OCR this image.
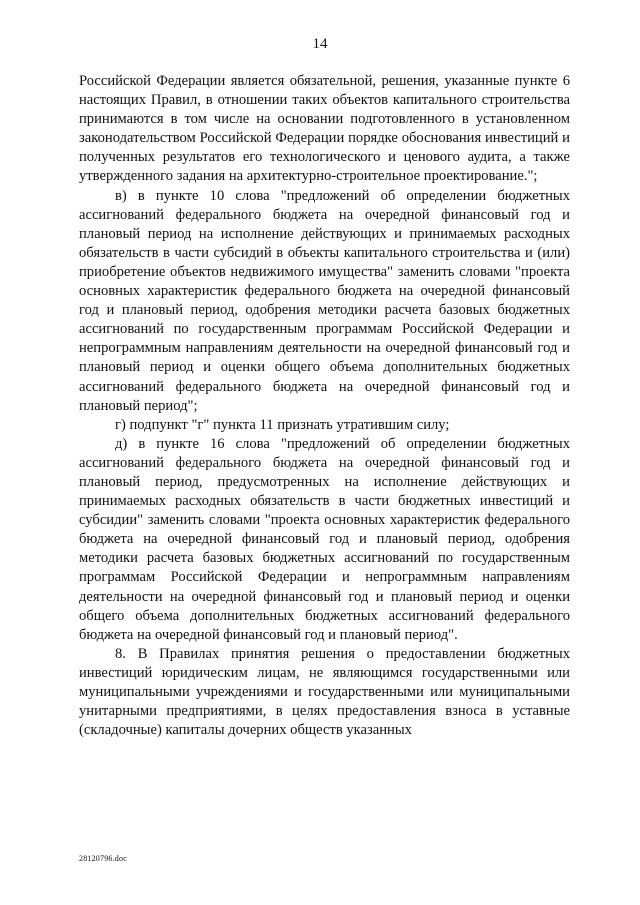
14

Российской Федерации является обязательной, решения, указанные пункте 6 настоящих Правил, в отношении таких объектов капитального строительства принимаются в том числе на основании подготовленного в установленном законодательством Российской Федерации порядке обоснования инвестиций и полученных результатов его технологического и ценового аудита, а также утвержденного задания на архитектурно-строительное проектирование.";

в) в пункте 10 слова "предложений об определении бюджетных ассигнований федерального бюджета на очередной финансовый год и плановый период на исполнение действующих и принимаемых расходных обязательств в части субсидий в объекты капитального строительства и (или) приобретение объектов недвижимого имущества" заменить словами "проекта основных характеристик федерального бюджета на очередной финансовый год и плановый период, одобрения методики расчета базовых бюджетных ассигнований по государственным программам Российской Федерации и непрограммным направлениям деятельности на очередной финансовый год и плановый период и оценки общего объема дополнительных бюджетных ассигнований федерального бюджета на очередной финансовый год и плановый период";

г) подпункт "г" пункта 11 признать утратившим силу;

д) в пункте 16 слова "предложений об определении бюджетных ассигнований федерального бюджета на очередной финансовый год и плановый период, предусмотренных на исполнение действующих и принимаемых расходных обязательств в части бюджетных инвестиций и субсидии" заменить словами "проекта основных характеристик федерального бюджета на очередной финансовый год и плановый период, одобрения методики расчета базовых бюджетных ассигнований по государственным программам Российской Федерации и непрограммным направлениям деятельности на очередной финансовый год и плановый период и оценки общего объема дополнительных бюджетных ассигнований федерального бюджета на очередной финансовый год и плановый период".

8. В Правилах принятия решения о предоставлении бюджетных инвестиций юридическим лицам, не являющимся государственными или муниципальными учреждениями и государственными или муниципальными унитарными предприятиями, в целях предоставления взноса в уставные (складочные) капиталы дочерних обществ указанных

28120796.doc
